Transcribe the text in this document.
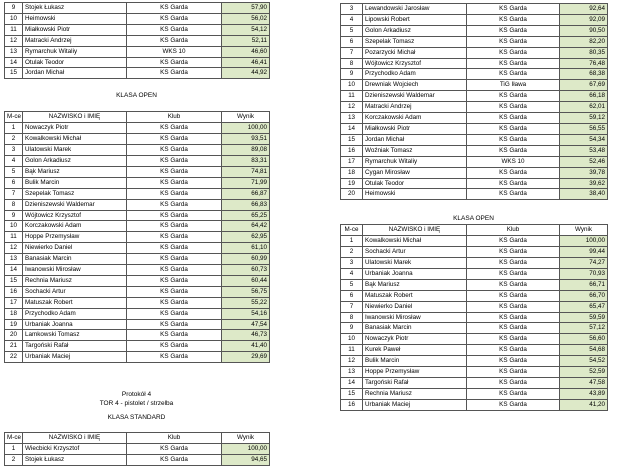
9	Stojek Łukasz	KS Garda	57,90
10	Heimowski	KS Garda	56,02
11	Miałkowski Piotr	KS Garda	54,12
12	Matracki Andrzej	KS Garda	52,11
13	Rymarchuk Witaliy	WKS 10	46,60
14	Otulak Teodor	KS Garda	46,41
15	Jordan Michał	KS Garda	44,92
KLASA OPEN
M-ce	NAZWISKO i IMIĘ	Klub	Wynik
1	Nowaczyk Piotr	KS Garda	100,00
2	Kowalkowski Michał	KS Garda	93,51
3	Ulatowski Marek	KS Garda	89,08
4	Golon Arkadiusz	KS Garda	83,31
5	Bąk Mariusz	KS Garda	74,81
6	Bulik Marcin	KS Garda	71,99
7	Szepelak Tomasz	KS Garda	66,87
8	Dzieniszewski Waldemar	KS Garda	66,83
9	Wójtowicz Krzysztof	KS Garda	65,25
10	Korczakowski Adam	KS Garda	64,42
11	Hoppe Przemysław	KS Garda	62,95
12	Niewierko Daniel	KS Garda	61,10
13	Banasiak Marcin	KS Garda	60,99
14	Iwanowski Mirosław	KS Garda	60,73
15	Rechnia Mariusz	KS Garda	60,44
16	Sochacki Artur	KS Garda	56,75
17	Matuszak Robert	KS Garda	55,22
18	Przychodko Adam	KS Garda	54,16
19	Urbaniak Joanna	KS Garda	47,54
20	Lamkowski Tomasz	KS Garda	46,73
21	Targoński Rafał	KS Garda	41,40
22	Urbaniak Maciej	KS Garda	29,69
Protokół 4
TOR 4 - pistolet / strzelba
KLASA STANDARD
M-ce	NAZWISKO i IMIĘ	Klub	Wynik
1	Wiecbicki Krzysztof	KS Garda	100,00
2	Stojek Łukasz	KS Garda	94,65
3	Lewandowski Jarosław	KS Garda	92,64
4	Lipowski Robert	KS Garda	92,09
5	Golon Arkadiusz	KS Garda	90,50
6	Szepelak Tomasz	KS Garda	82,20
7	Pozarzycki Michał	KS Garda	80,35
8	Wójtowicz Krzysztof	KS Garda	76,48
9	Przychodko Adam	KS Garda	68,38
10	Drewniak Wojciech	TiG Iława	67,69
11	Dzieniszewski Waldemar	KS Garda	66,18
12	Matracki Andrzej	KS Garda	62,01
13	Korczakowski Adam	KS Garda	59,12
14	Miałkowski Piotr	KS Garda	56,55
15	Jordan Michał	KS Garda	54,34
16	Woźniak Tomasz	KS Garda	53,48
17	Rymarchuk Witaliy	WKS 10	52,46
18	Cygan Mirosław	KS Garda	39,78
19	Otulak Teodor	KS Garda	39,62
20	Heimowski	KS Garda	38,40
KLASA OPEN
M-ce	NAZWISKO i IMIĘ	Klub	Wynik
1	Kowalkowski Michał	KS Garda	100,00
2	Sochacki Artur	KS Garda	99,44
3	Ulatowski Marek	KS Garda	74,27
4	Urbaniak Joanna	KS Garda	70,93
5	Bąk Mariusz	KS Garda	66,71
6	Matuszak Robert	KS Garda	66,70
7	Niewierko Daniel	KS Garda	65,47
8	Iwanowski Mirosław	KS Garda	59,59
9	Banasiak Marcin	KS Garda	57,12
10	Nowaczyk Piotr	KS Garda	56,60
11	Kurek Paweł	KS Garda	54,68
12	Bulik Marcin	KS Garda	54,52
13	Hoppe Przemysław	KS Garda	52,59
14	Targoński Rafał	KS Garda	47,58
15	Rechnia Mariusz	KS Garda	43,89
16	Urbaniak Maciej	KS Garda	41,20
